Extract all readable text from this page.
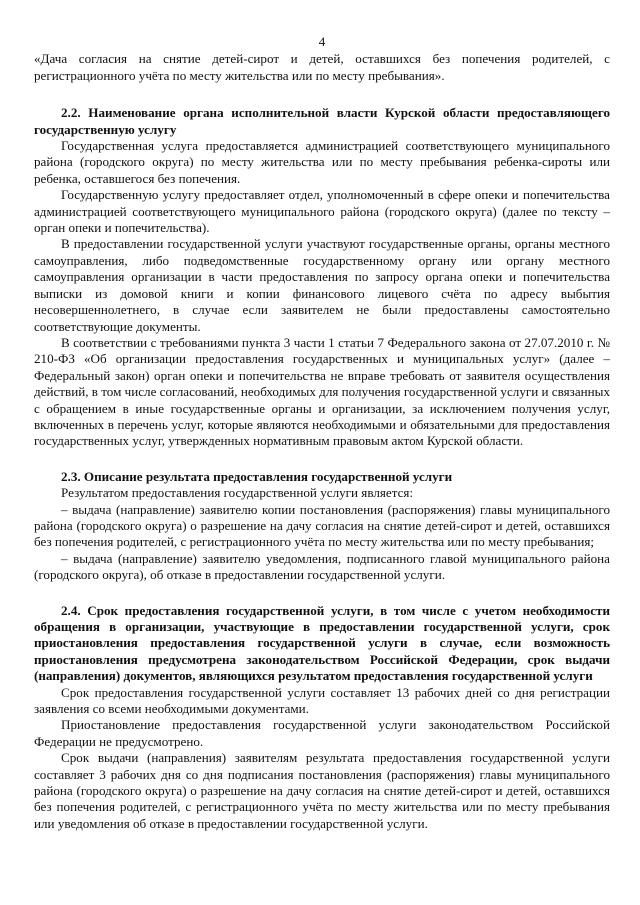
4

«Дача согласия на снятие детей-сирот и детей, оставшихся без попечения родителей, с регистрационного учёта по месту жительства или по месту пребывания».

2.2. Наименование органа исполнительной власти Курской области предоставляющего государственную услугу

Государственная услуга предоставляется администрацией соответствующего муниципального района (городского округа) по месту жительства или по месту пребывания ребенка-сироты или ребенка, оставшегося без попечения.

Государственную услугу предоставляет отдел, уполномоченный в сфере опеки и попечительства администрацией соответствующего муниципального района (городского округа) (далее по тексту – орган опеки и попечительства).

В предоставлении государственной услуги участвуют государственные органы, органы местного самоуправления, либо подведомственные государственному органу или органу местного самоуправления организации в части предоставления по запросу органа опеки и попечительства выписки из домовой книги и копии финансового лицевого счёта по адресу выбытия несовершеннолетнего, в случае если заявителем не были предоставлены самостоятельно соответствующие документы.

В соответствии с требованиями пункта 3 части 1 статьи 7 Федерального закона от 27.07.2010 г. № 210-ФЗ «Об организации предоставления государственных и муниципальных услуг» (далее – Федеральный закон) орган опеки и попечительства не вправе требовать от заявителя осуществления действий, в том числе согласований, необходимых для получения государственной услуги и связанных с обращением в иные государственные органы и организации, за исключением получения услуг, включенных в перечень услуг, которые являются необходимыми и обязательными для предоставления государственных услуг, утвержденных нормативным правовым актом Курской области.

2.3. Описание результата предоставления государственной услуги

Результатом предоставления государственной услуги является:

– выдача (направление) заявителю копии постановления (распоряжения) главы муниципального района (городского округа) о разрешение на дачу согласия на снятие детей-сирот и детей, оставшихся без попечения родителей, с регистрационного учёта по месту жительства или по месту пребывания;

– выдача (направление) заявителю уведомления, подписанного главой муниципального района (городского округа), об отказе в предоставлении государственной услуги.

2.4. Срок предоставления государственной услуги, в том числе с учетом необходимости обращения в организации, участвующие в предоставлении государственной услуги, срок приостановления предоставления государственной услуги в случае, если возможность приостановления предусмотрена законодательством Российской Федерации, срок выдачи (направления) документов, являющихся результатом предоставления государственной услуги

Срок предоставления государственной услуги составляет 13 рабочих дней со дня регистрации заявления со всеми необходимыми документами.

Приостановление предоставления государственной услуги законодательством Российской Федерации не предусмотрено.

Срок выдачи (направления) заявителям результата предоставления государственной услуги составляет 3 рабочих дня со дня подписания постановления (распоряжения) главы муниципального района (городского округа) о разрешение на дачу согласия на снятие детей-сирот и детей, оставшихся без попечения родителей, с регистрационного учёта по месту жительства или по месту пребывания или уведомления об отказе в предоставлении государственной услуги.
